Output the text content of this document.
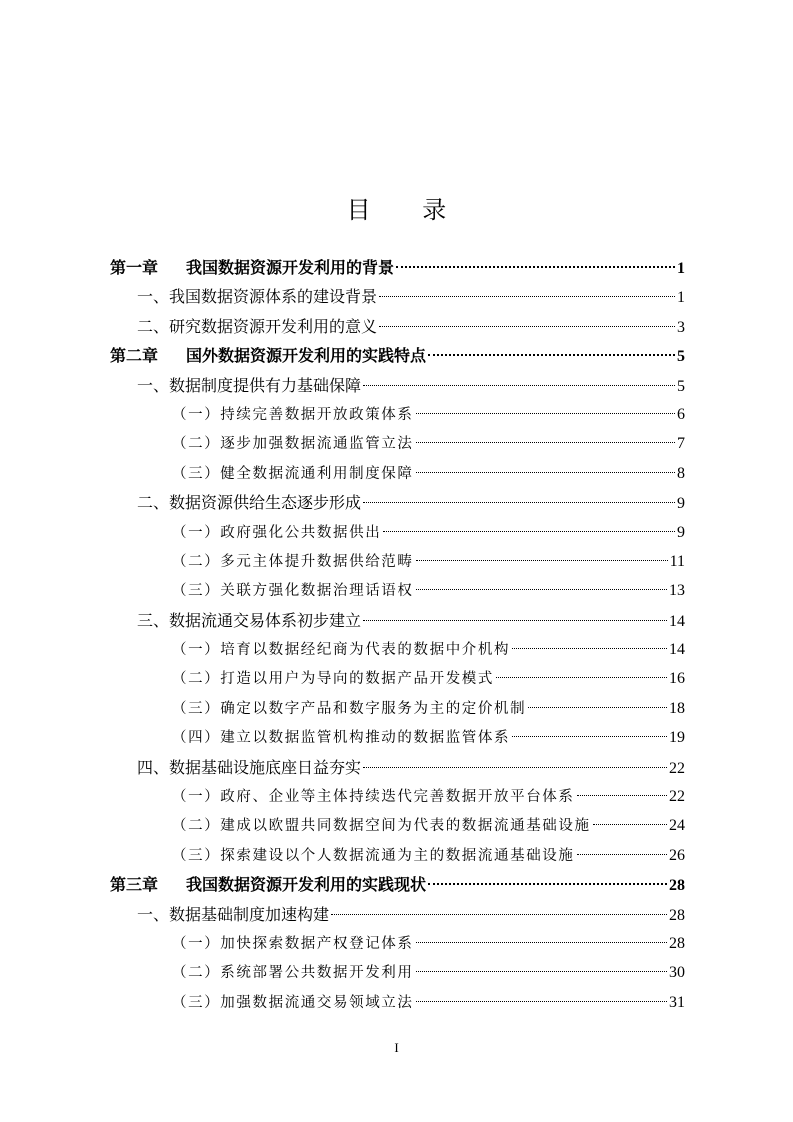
目 录
第一章 我国数据资源开发利用的背景	1
一、我国数据资源体系的建设背景	1
二、研究数据资源开发利用的意义	3
第二章 国外数据资源开发利用的实践特点	5
一、数据制度提供有力基础保障	5
（一）持续完善数据开放政策体系	6
（二）逐步加强数据流通监管立法	7
（三）健全数据流通利用制度保障	8
二、数据资源供给生态逐步形成	9
（一）政府强化公共数据供出	9
（二）多元主体提升数据供给范畴	11
（三）关联方强化数据治理话语权	13
三、数据流通交易体系初步建立	14
（一）培育以数据经纪商为代表的数据中介机构	14
（二）打造以用户为导向的数据产品开发模式	16
（三）确定以数字产品和数字服务为主的定价机制	18
（四）建立以数据监管机构推动的数据监管体系	19
四、数据基础设施底座日益夯实	22
（一）政府、企业等主体持续迭代完善数据开放平台体系	22
（二）建成以欧盟共同数据空间为代表的数据流通基础设施	24
（三）探索建设以个人数据流通为主的数据流通基础设施	26
第三章 我国数据资源开发利用的实践现状	28
一、数据基础制度加速构建	28
（一）加快探索数据产权登记体系	28
（二）系统部署公共数据开发利用	30
（三）加强数据流通交易领域立法	31
I
